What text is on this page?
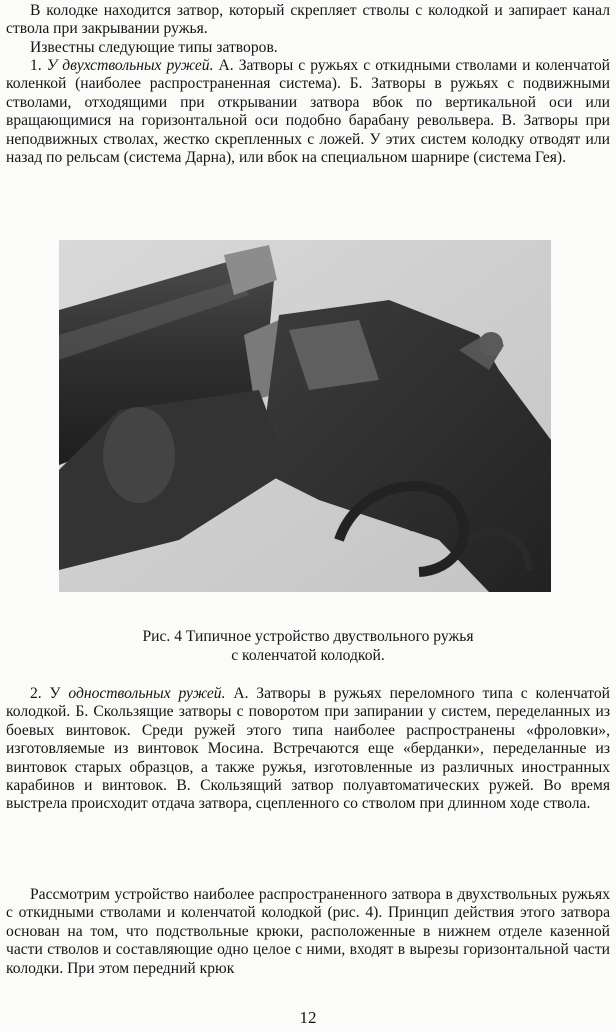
В колодке находится затвор, который скрепляет стволы с колодкой и запирает канал ствола при закрывании ружья.

Известны следующие типы затворов.

1. У двухствольных ружей. А. Затворы с ружьях с откидными стволами и коленчатой коленкой (наиболее распространенная система). Б. Затворы в ружьях с подвижными стволами, отходящими при открывании затвора вбок по вертикальной оси или вращающимися на горизонтальной оси подобно барабану револьвера. В. Затворы при неподвижных стволах, жестко скрепленных с ложей. У этих систем колодку отводят или назад по рельсам (система Дарна), или вбок на специальном шарнире (система Гея).

Рис. 4 Типичное устройство двуствольного ружья
с коленчатой колодкой.

2. У одноствольных ружей. А. Затворы в ружьях переломного типа с коленчатой колодкой. Б. Скользящие затворы с поворотом при запирании у систем, переделанных из боевых винтовок. Среди ружей этого типа наиболее распространены «фроловки», изготовляемые из винтовок Мосина. Встречаются еще «берданки», переделанные из винтовок старых образцов, а также ружья, изготовленные из различных иностранных карабинов и винтовок. В. Скользящий затвор полуавтоматических ружей. Во время выстрела происходит отдача затвора, сцепленного со стволом при длинном ходе ствола.

Рассмотрим устройство наиболее распространенного затвора в двухствольных ружьях с откидными стволами и коленчатой колодкой (рис. 4). Принцип действия этого затвора основан на том, что подствольные крюки, расположенные в нижнем отделе казенной части стволов и составляющие одно целое с ними, входят в вырезы горизонтальной части колодки. При этом передний крюк

12
